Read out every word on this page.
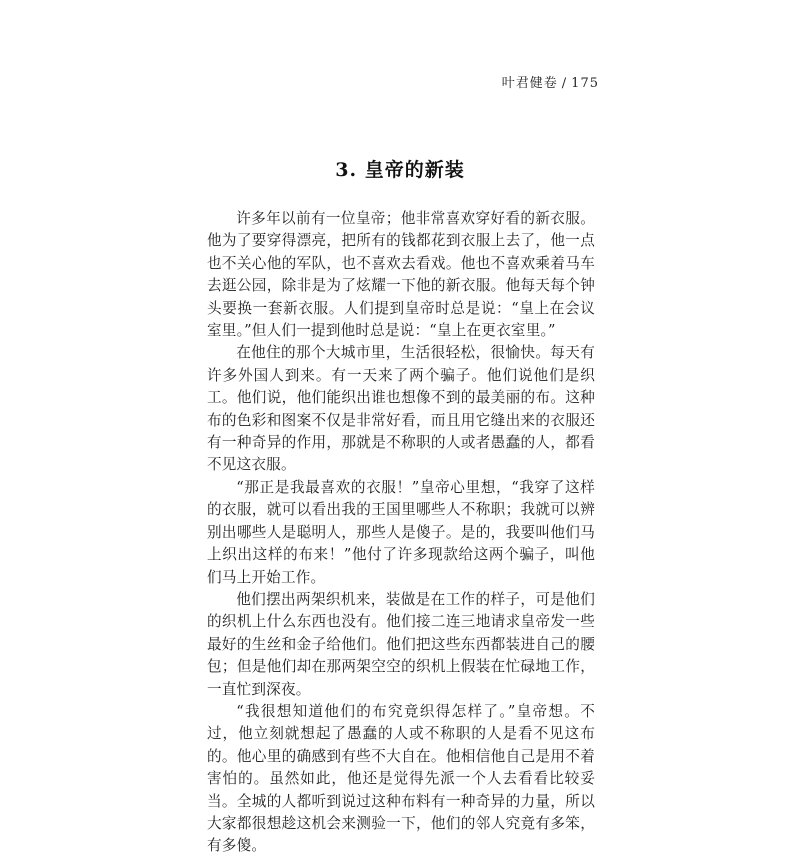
叶君健卷 / 175
3. 皇帝的新装

许多年以前有一位皇帝；他非常喜欢穿好看的新衣服。他为了要穿得漂亮，把所有的钱都花到衣服上去了，他一点也不关心他的军队，也不喜欢去看戏。他也不喜欢乘着马车去逛公园，除非是为了炫耀一下他的新衣服。他每天每个钟头要换一套新衣服。人们提到皇帝时总是说：“皇上在会议室里。”但人们一提到他时总是说：“皇上在更衣室里。”

在他住的那个大城市里，生活很轻松，很愉快。每天有许多外国人到来。有一天来了两个骗子。他们说他们是织工。他们说，他们能织出谁也想像不到的最美丽的布。这种布的色彩和图案不仅是非常好看，而且用它缝出来的衣服还有一种奇异的作用，那就是不称职的人或者愚蠢的人，都看不见这衣服。

“那正是我最喜欢的衣服！”皇帝心里想，“我穿了这样的衣服，就可以看出我的王国里哪些人不称职；我就可以辨别出哪些人是聪明人，那些人是傻子。是的，我要叫他们马上织出这样的布来！”他付了许多现款给这两个骗子，叫他们马上开始工作。

他们摆出两架织机来，装做是在工作的样子，可是他们的织机上什么东西也没有。他们接二连三地请求皇帝发一些最好的生丝和金子给他们。他们把这些东西都装进自己的腰包；但是他们却在那两架空空的织机上假装在忙碌地工作，一直忙到深夜。

“我很想知道他们的布究竟织得怎样了。”皇帝想。不过，他立刻就想起了愚蠢的人或不称职的人是看不见这布的。他心里的确感到有些不大自在。他相信他自己是用不着害怕的。虽然如此，他还是觉得先派一个人去看看比较妥当。全城的人都听到说过这种布料有一种奇异的力量，所以大家都很想趁这机会来测验一下，他们的邻人究竟有多笨，有多傻。
